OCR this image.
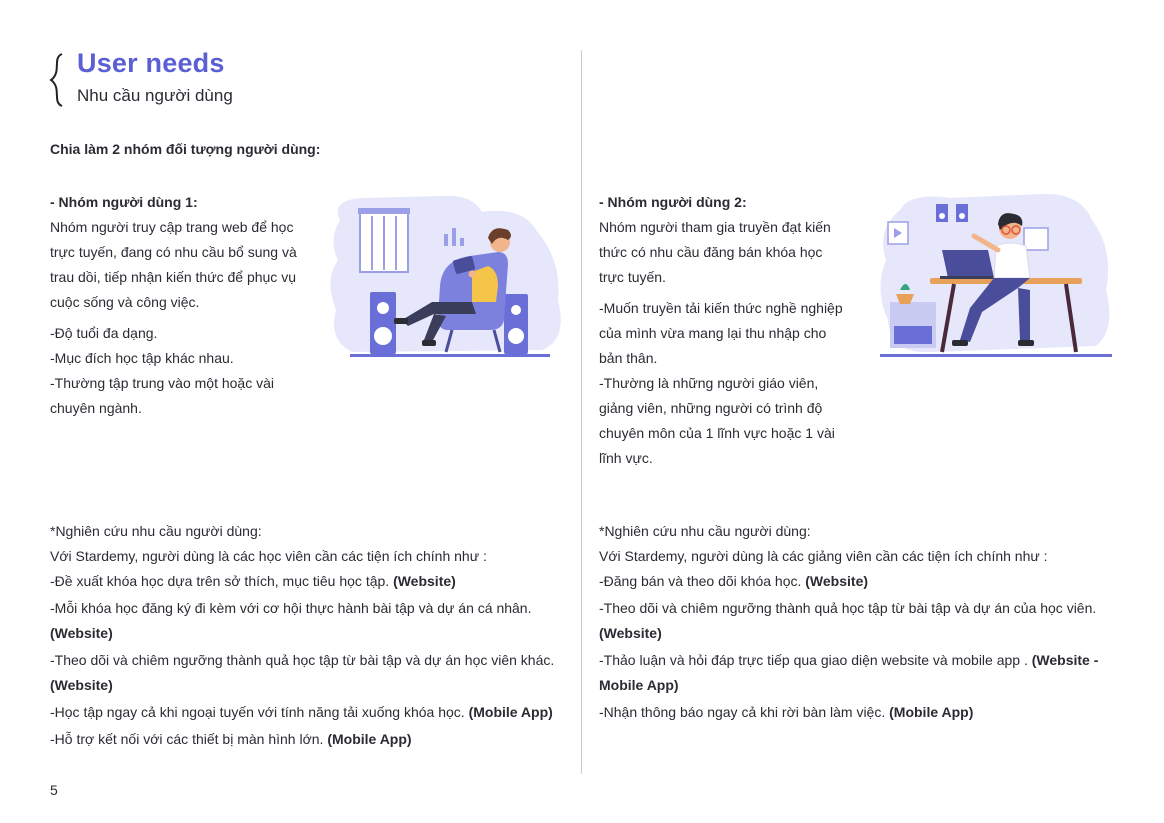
User needs
Nhu cầu người dùng
Chia làm 2 nhóm đối tượng người dùng:

- Nhóm người dùng 1:

Nhóm người truy cập trang web để học trực tuyến, đang có nhu cầu bổ sung và trau dồi, tiếp nhận kiến thức để phục vụ cuộc sống và công việc.

-Độ tuổi đa dạng.

-Mục đích học tập khác nhau.

-Thường tập trung vào một hoặc vài chuyên ngành.

- Nhóm người dùng 2:

Nhóm người tham gia truyền đạt kiến thức có nhu cầu đăng bán khóa học trực tuyến.

-Muốn truyền tải kiến thức nghề nghiệp của mình vừa mang lại thu nhập cho bản thân.

-Thường là những người giáo viên, giảng viên, những người có trình độ chuyên môn của 1 lĩnh vực hoặc 1 vài lĩnh vực.

*Nghiên cứu nhu cầu người dùng:

Với Stardemy, người dùng là các học viên cần các tiện ích chính như :

-Đề xuất khóa học dựa trên sở thích, mục tiêu học tập. (Website)

-Mỗi khóa học đăng ký đi kèm với cơ hội thực hành bài tập và dự án cá nhân. (Website)

-Theo dõi và chiêm ngưỡng thành quả học tập từ bài tập và dự án học viên khác. (Website)

-Học tập ngay cả khi ngoại tuyến với tính năng tải xuống khóa học. (Mobile App)

-Hỗ trợ kết nối với các thiết bị màn hình lớn. (Mobile App)

*Nghiên cứu nhu cầu người dùng:

Với Stardemy, người dùng là các giảng viên cần các tiện ích chính như :

-Đăng bán và theo dõi khóa học. (Website)

-Theo dõi và chiêm ngưỡng thành quả học tập từ bài tập và dự án của học viên. (Website)

-Thảo luận và hỏi đáp trực tiếp qua giao diện website và mobile app . (Website - Mobile App)

-Nhận thông báo ngay cả khi rời bàn làm việc. (Mobile App)

5
